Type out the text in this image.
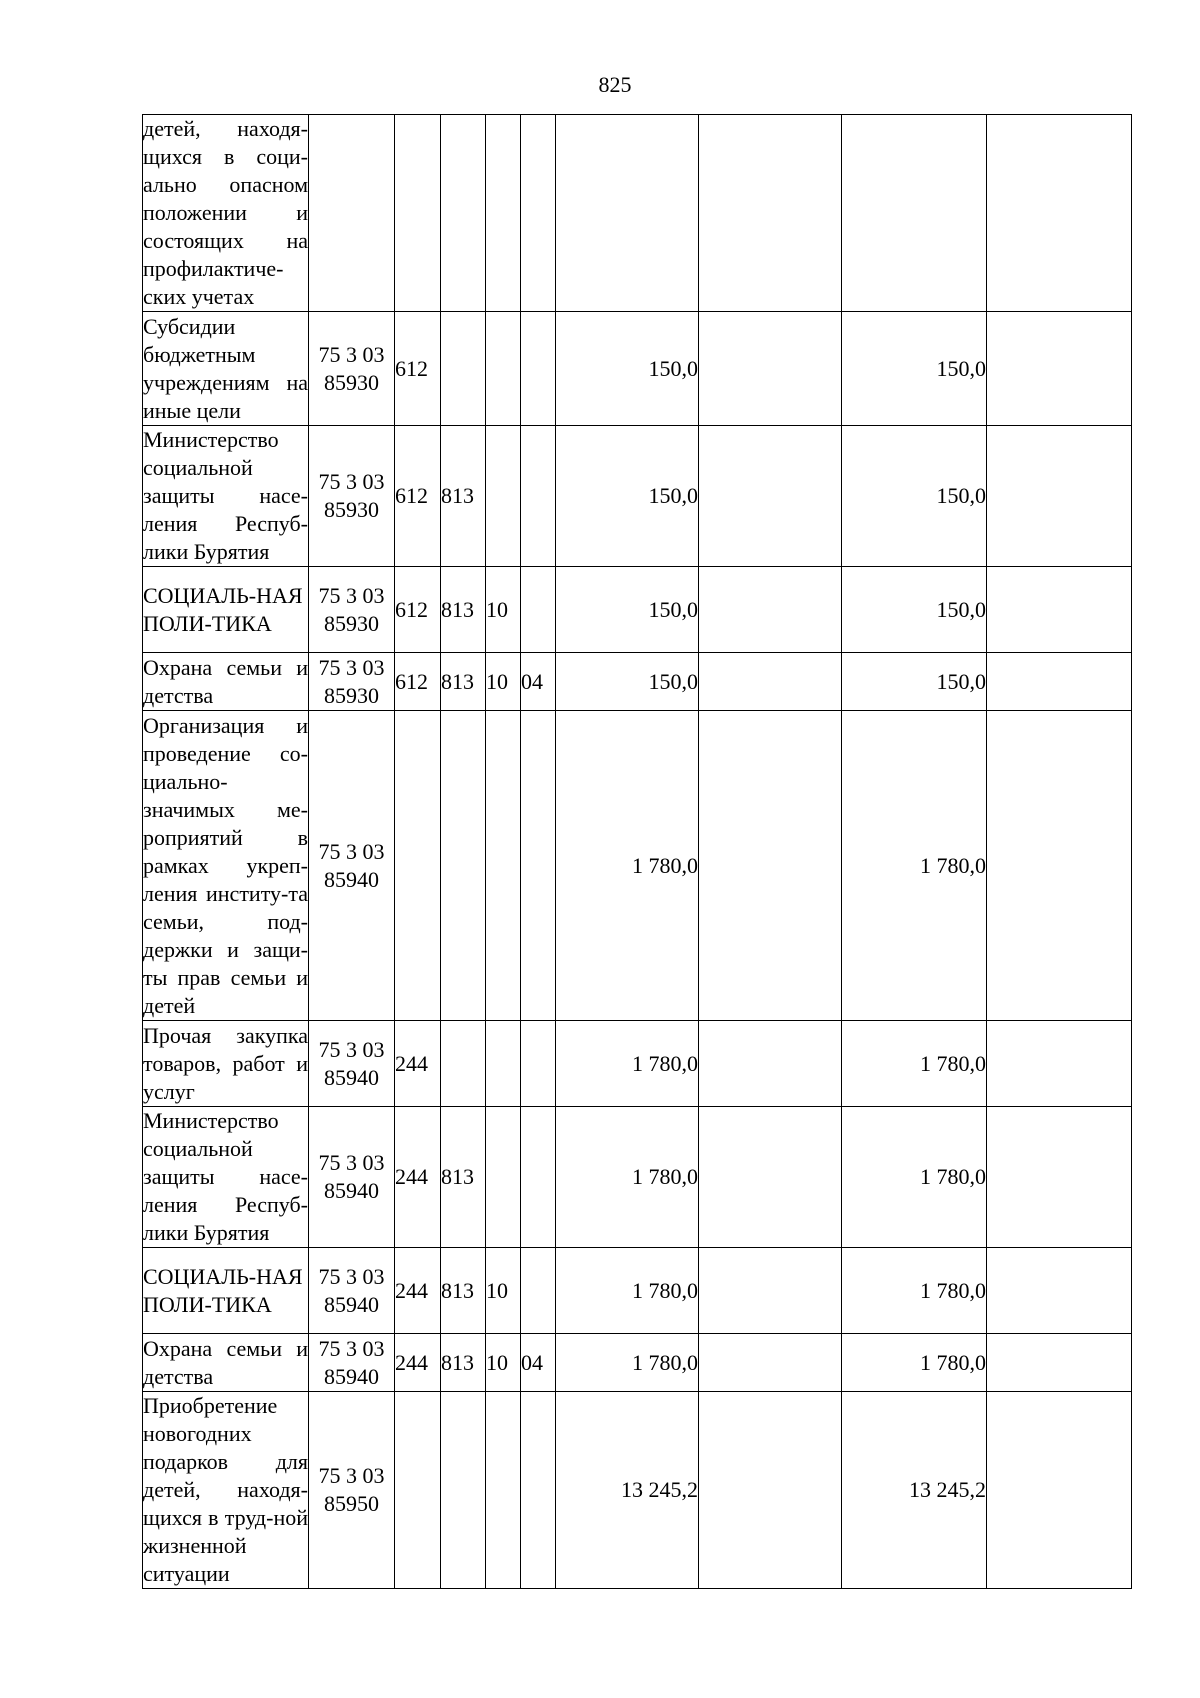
825
детей, находя-щихся в соци-ально опасном положении и состоящих на профилактиче-ских учетах									
Субсидии бюджетным учреждениям на иные цели	75 3 03 85930	612				150,0		150,0	
Министерство социальной защиты насе-ления Респуб-лики Бурятия	75 3 03 85930	612	813			150,0		150,0	
СОЦИАЛЬ-НАЯ ПОЛИ-ТИКА	75 3 03 85930	612	813	10		150,0		150,0	
Охрана семьи и детства	75 3 03 85930	612	813	10	04	150,0		150,0	
Организация и проведение со-циально-значимых ме-роприятий в рамках укреп-ления институ-та семьи, под-держки и защи-ты прав семьи и детей	75 3 03 85940					1 780,0		1 780,0	
Прочая закупка товаров, работ и услуг	75 3 03 85940	244				1 780,0		1 780,0	
Министерство социальной защиты насе-ления Респуб-лики Бурятия	75 3 03 85940	244	813			1 780,0		1 780,0	
СОЦИАЛЬ-НАЯ ПОЛИ-ТИКА	75 3 03 85940	244	813	10		1 780,0		1 780,0	
Охрана семьи и детства	75 3 03 85940	244	813	10	04	1 780,0		1 780,0	
Приобретение новогодних подарков для детей, находя-щихся в труд-ной жизненной ситуации	75 3 03 85950					13 245,2		13 245,2	
